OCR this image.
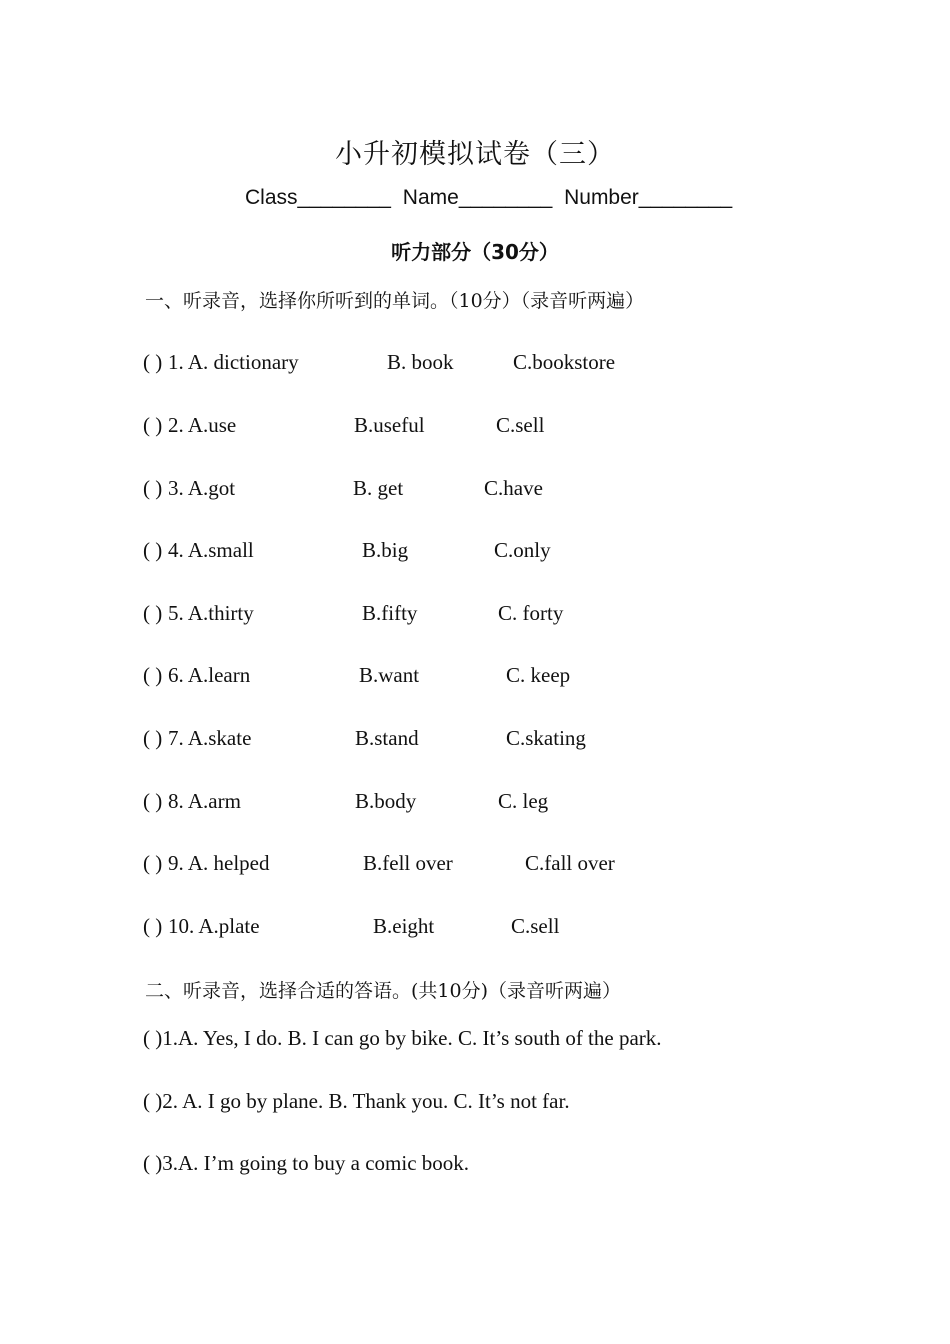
小升初模拟试卷（三）
Class________ Name________ Number________
听力部分（30分）
一、听录音，选择你所听到的单词。（10分）（录音听两遍）
( ) 1. A. dictionary	B. book	C.bookstore
( ) 2. A.use	B.useful	C.sell
( ) 3. A.got	B. get	C.have
( ) 4. A.small	B.big	C.only
( ) 5. A.thirty	B.fifty	C. forty
( ) 6. A.learn	B.want	C. keep
( ) 7. A.skate	B.stand	C.skating
( ) 8. A.arm	B.body	C. leg
( ) 9. A. helped	B.fell over	C.fall over
( ) 10. A.plate	B.eight	C.sell
二、听录音，选择合适的答语。(共10分)（录音听两遍）
( )1.A. Yes, I do. B. I can go by bike. C. It’s south of the park.
( )2. A. I go by plane. B. Thank you. C. It’s not far.
( )3.A. I’m going to buy a comic book.
